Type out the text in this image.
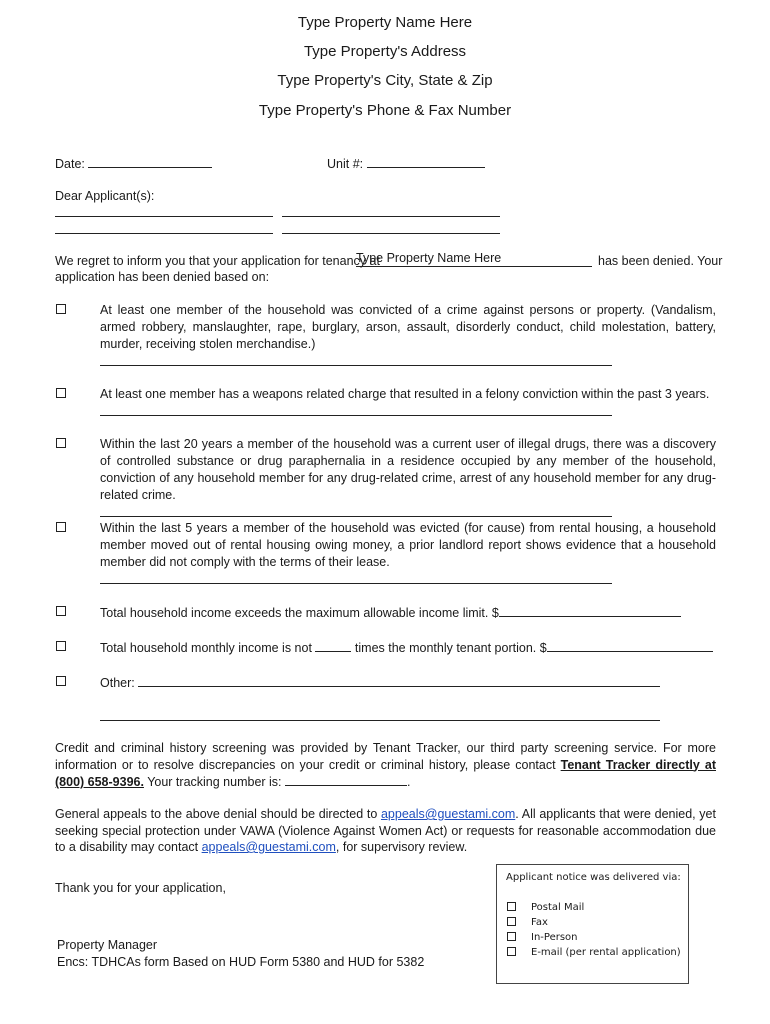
Type Property Name Here
Type Property's Address
Type Property's City, State & Zip
Type Property's Phone & Fax Number
Date:	Unit #:
Dear Applicant(s):
We regret to inform you that your application for tenancy at
Type Property Name Here	has been denied. Your
application has been denied based on:
At least one member of the household was convicted of a crime against persons or property. (Vandalism, armed robbery, manslaughter, rape, burglary, arson, assault, disorderly conduct, child molestation, battery, murder, receiving stolen merchandise.)
At least one member has a weapons related charge that resulted in a felony conviction within the past 3 years.
Within the last 20 years a member of the household was a current user of illegal drugs, there was a discovery of controlled substance or drug paraphernalia in a residence occupied by any member of the household, conviction of any household member for any drug-related crime, arrest of any household member for any drug-related crime.
Within the last 5 years a member of the household was evicted (for cause) from rental housing, a household member moved out of rental housing owing money, a prior landlord report shows evidence that a household member did not comply with the terms of their lease.
Total household income exceeds the maximum allowable income limit. $
Total household monthly income is not	times the monthly tenant portion. $
Other:
Credit and criminal history screening was provided by Tenant Tracker, our third party screening service. For more information or to resolve discrepancies on your credit or criminal history, please contact Tenant Tracker directly at (800) 658-9396. Your tracking number is:	.
General appeals to the above denial should be directed to appeals@guestami.com. All applicants that were denied, yet seeking special protection under VAWA (Violence Against Women Act) or requests for reasonable accommodation due to a disability may contact appeals@guestami.com, for supervisory review.
Thank you for your application,
Property Manager
Encs: TDHCAs form Based on HUD Form 5380 and HUD for 5382
Applicant notice was delivered via:
Postal Mail
Fax
In-Person
E-mail (per rental application)
